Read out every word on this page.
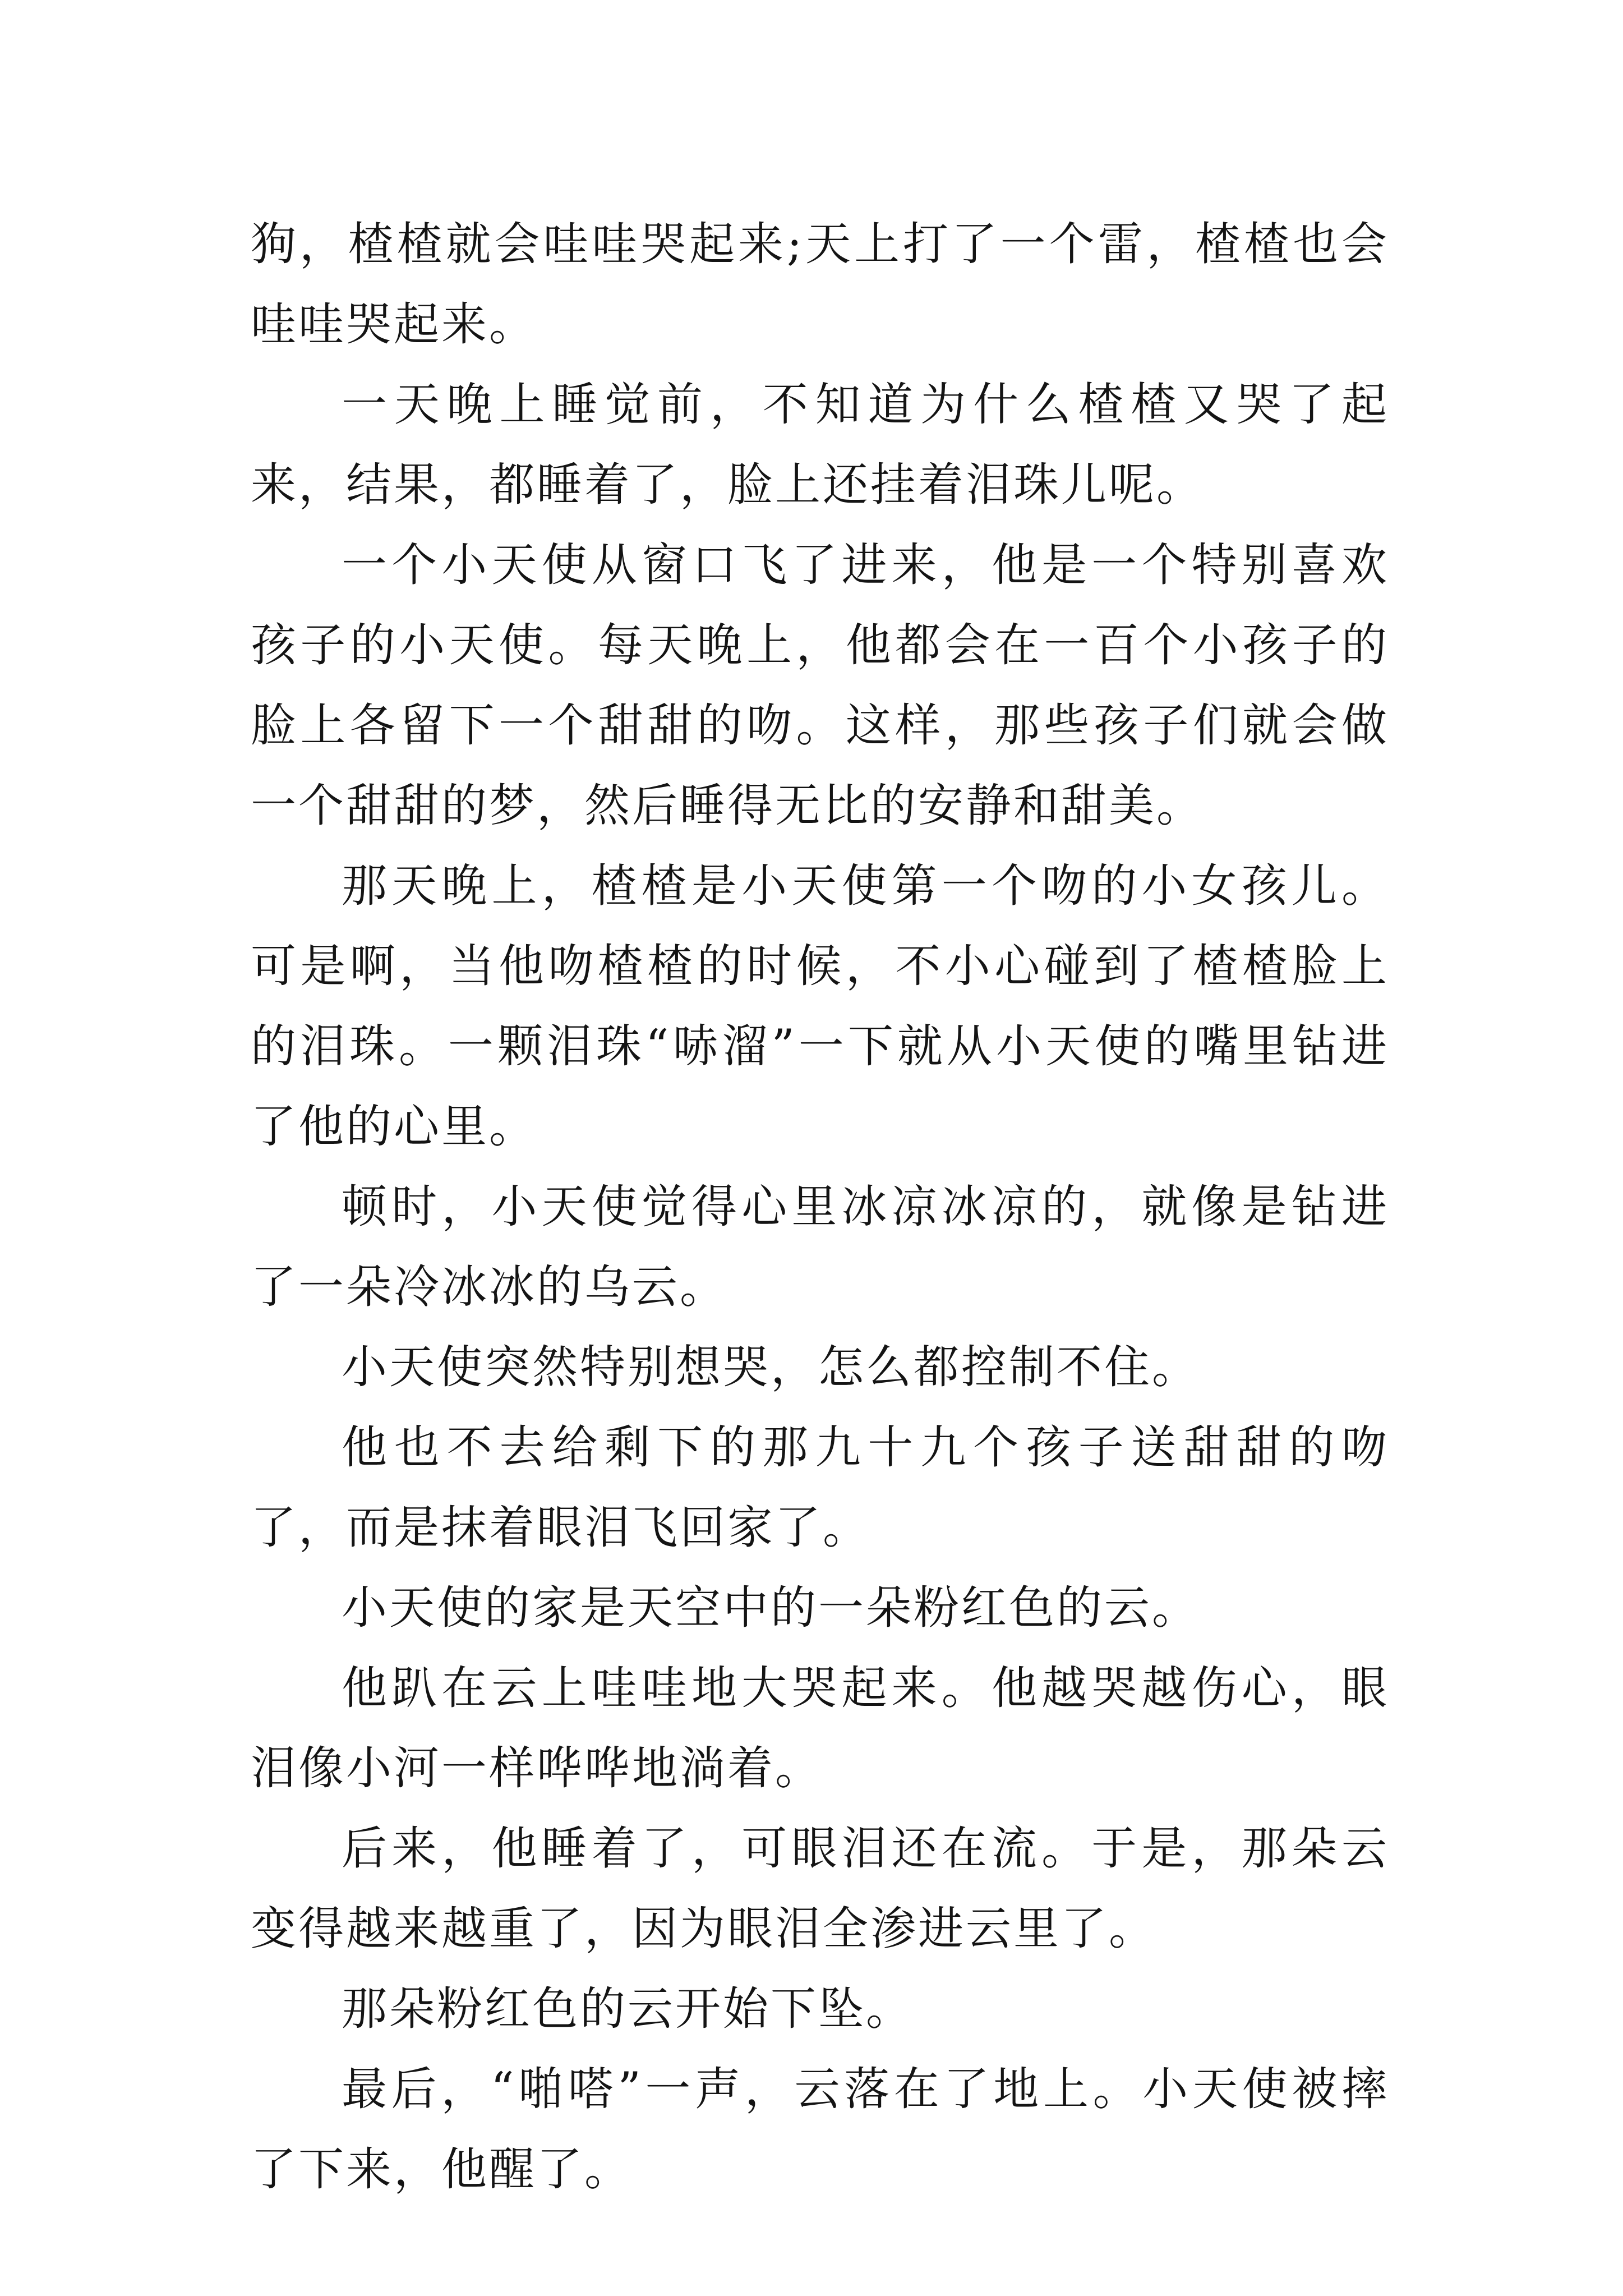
狗，楂楂就会哇哇哭起来;天上打了一个雷，楂楂也会哇哇哭起来。

一天晚上睡觉前，不知道为什么楂楂又哭了起来，结果，都睡着了，脸上还挂着泪珠儿呢。

一个小天使从窗口飞了进来，他是一个特别喜欢孩子的小天使。每天晚上，他都会在一百个小孩子的脸上各留下一个甜甜的吻。这样，那些孩子们就会做一个甜甜的梦，然后睡得无比的安静和甜美。

那天晚上，楂楂是小天使第一个吻的小女孩儿。可是啊，当他吻楂楂的时候，不小心碰到了楂楂脸上的泪珠。一颗泪珠“哧溜”一下就从小天使的嘴里钻进了他的心里。

顿时，小天使觉得心里冰凉冰凉的，就像是钻进了一朵冷冰冰的乌云。

小天使突然特别想哭，怎么都控制不住。

他也不去给剩下的那九十九个孩子送甜甜的吻了，而是抹着眼泪飞回家了。

小天使的家是天空中的一朵粉红色的云。

他趴在云上哇哇地大哭起来。他越哭越伤心，眼泪像小河一样哗哗地淌着。

后来，他睡着了，可眼泪还在流。于是，那朵云变得越来越重了，因为眼泪全渗进云里了。

那朵粉红色的云开始下坠。

最后，“啪嗒”一声，云落在了地上。小天使被摔了下来，他醒了。
